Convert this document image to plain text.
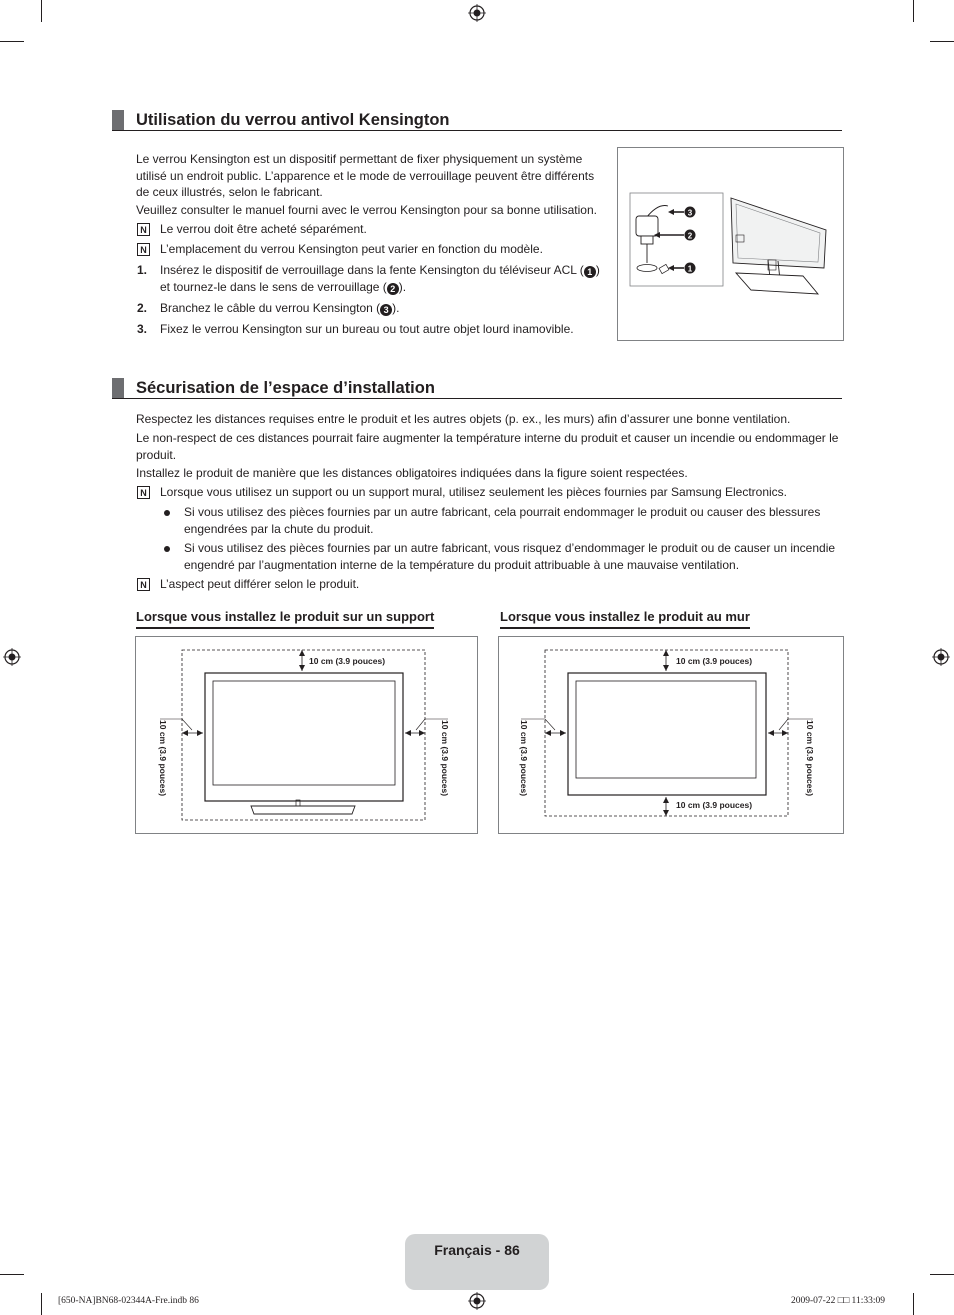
Utilisation du verrou antivol Kensington
Le verrou Kensington est un dispositif permettant de fixer physiquement un système utilisé un endroit public. L’apparence et le mode de verrouillage peuvent être différents de ceux illustrés, selon le fabricant.
Veuillez consulter le manuel fourni avec le verrou Kensington pour sa bonne utilisation.
N Le verrou doit être acheté séparément.
N L’emplacement du verrou Kensington peut varier en fonction du modèle.
1. Insérez le dispositif de verrouillage dans la fente Kensington du téléviseur ACL ( 1 )
et tournez-le dans le sens de verrouillage ( 2 ).
2. Branchez le câble du verrou Kensington ( 3 ).
3. Fixez le verrou Kensington sur un bureau ou tout autre objet lourd inamovible.
3
2
1
Sécurisation de l’espace d’installation
Respectez les distances requises entre le produit et les autres objets (p. ex., les murs) afin d’assurer une bonne ventilation.
Le non-respect de ces distances pourrait faire augmenter la température interne du produit et causer un incendie ou endommager le produit.
Installez le produit de manière que les distances obligatoires indiquées dans la figure soient respectées.
N Lorsque vous utilisez un support ou un support mural, utilisez seulement les pièces fournies par Samsung Electronics.
Si vous utilisez des pièces fournies par un autre fabricant, cela pourrait endommager le produit ou causer des blessures engendrées par la chute du produit.
Si vous utilisez des pièces fournies par un autre fabricant, vous risquez d’endommager le produit ou de causer un incendie engendré par l’augmentation interne de la température du produit attribuable à une mauvaise ventilation.
N L’aspect peut différer selon le produit.
Lorsque vous installez le produit sur un support	Lorsque vous installez le produit au mur
10 cm (3.9 pouces)
10 cm (3.9 pouces)	10 cm (3.9 pouces)
10 cm (3.9 pouces)
10 cm (3.9 pouces)
10 cm (3.9 pouces)	10 cm (3.9 pouces)
Français - 86
[650-NA]BN68-02344A-Fre.indb 86	2009-07-22 □□ 11:33:09
